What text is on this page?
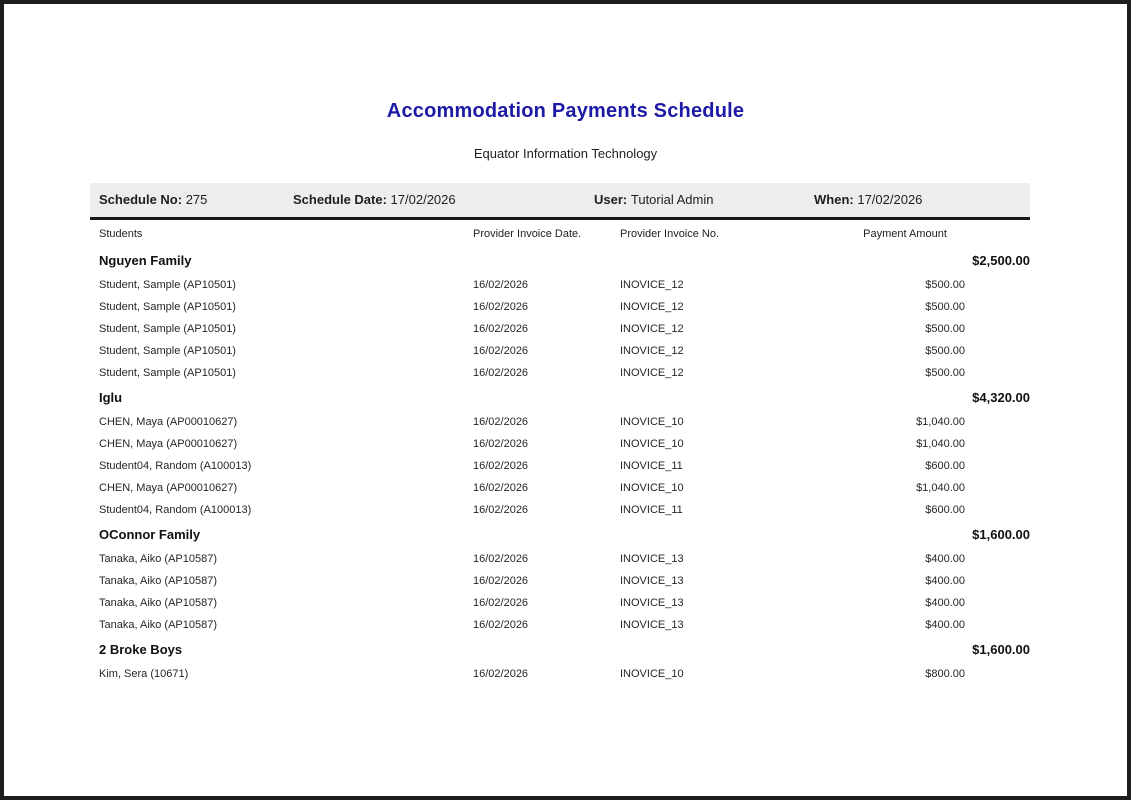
Accommodation Payments Schedule
Equator Information Technology
Schedule No: 275	Schedule Date: 17/02/2026	User: Tutorial Admin	When: 17/02/2026
Students	Provider Invoice Date.	Provider Invoice No.	Payment Amount
Nguyen Family	$2,500.00
Student, Sample (AP10501)	16/02/2026	INOVICE_12	$500.00
Student, Sample (AP10501)	16/02/2026	INOVICE_12	$500.00
Student, Sample (AP10501)	16/02/2026	INOVICE_12	$500.00
Student, Sample (AP10501)	16/02/2026	INOVICE_12	$500.00
Student, Sample (AP10501)	16/02/2026	INOVICE_12	$500.00
Iglu	$4,320.00
CHEN, Maya (AP00010627)	16/02/2026	INOVICE_10	$1,040.00
CHEN, Maya (AP00010627)	16/02/2026	INOVICE_10	$1,040.00
Student04, Random (A100013)	16/02/2026	INOVICE_11	$600.00
CHEN, Maya (AP00010627)	16/02/2026	INOVICE_10	$1,040.00
Student04, Random (A100013)	16/02/2026	INOVICE_11	$600.00
OConnor Family	$1,600.00
Tanaka, Aiko (AP10587)	16/02/2026	INOVICE_13	$400.00
Tanaka, Aiko (AP10587)	16/02/2026	INOVICE_13	$400.00
Tanaka, Aiko (AP10587)	16/02/2026	INOVICE_13	$400.00
Tanaka, Aiko (AP10587)	16/02/2026	INOVICE_13	$400.00
2 Broke Boys	$1,600.00
Kim, Sera (10671)	16/02/2026	INOVICE_10	$800.00
